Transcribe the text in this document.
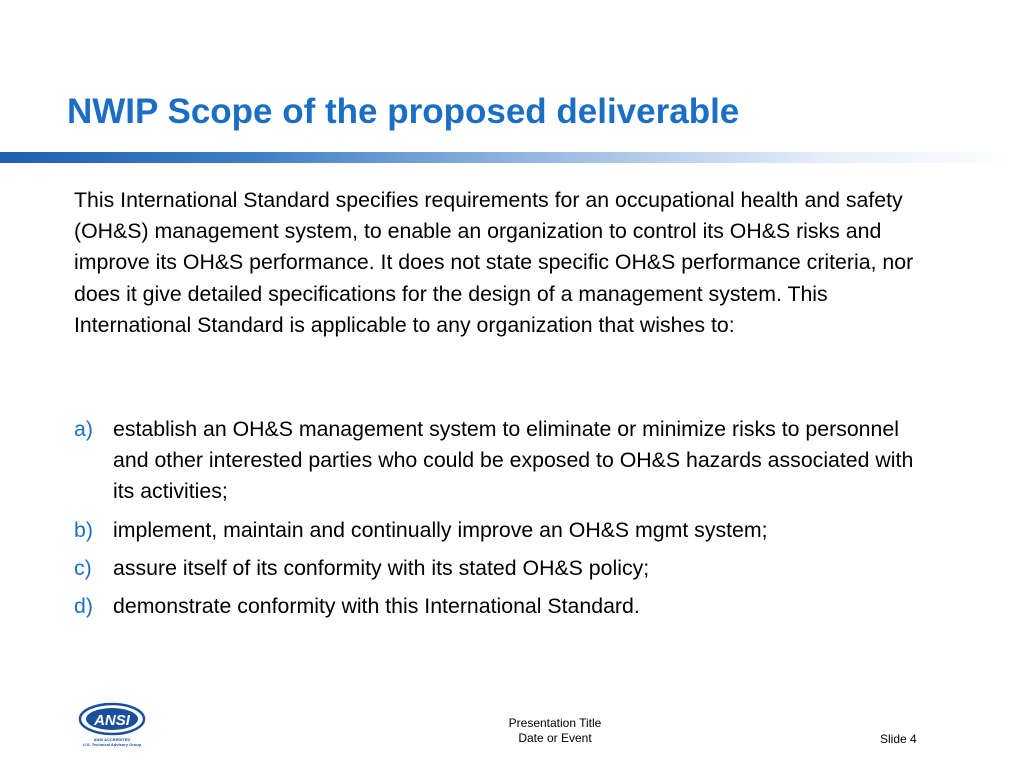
NWIP Scope of the proposed deliverable
This International Standard specifies requirements for an occupational health and safety (OH&S) management system, to enable an organization to control its OH&S risks and improve its OH&S performance. It does not state specific OH&S performance criteria, nor does it give detailed specifications for the design of a management system. This International Standard is applicable to any organization that wishes to:
a) establish an OH&S management system to eliminate or minimize risks to personnel and other interested parties who could be exposed to OH&S hazards associated with its activities;
b) implement, maintain and continually improve an OH&S mgmt system;
c) assure itself of its conformity with its stated OH&S policy;
d) demonstrate conformity with this International Standard.
ANSI
ANSI ACCREDITED
U.S. Technical Advisory Group
Presentation Title
Date or Event	Slide 4
